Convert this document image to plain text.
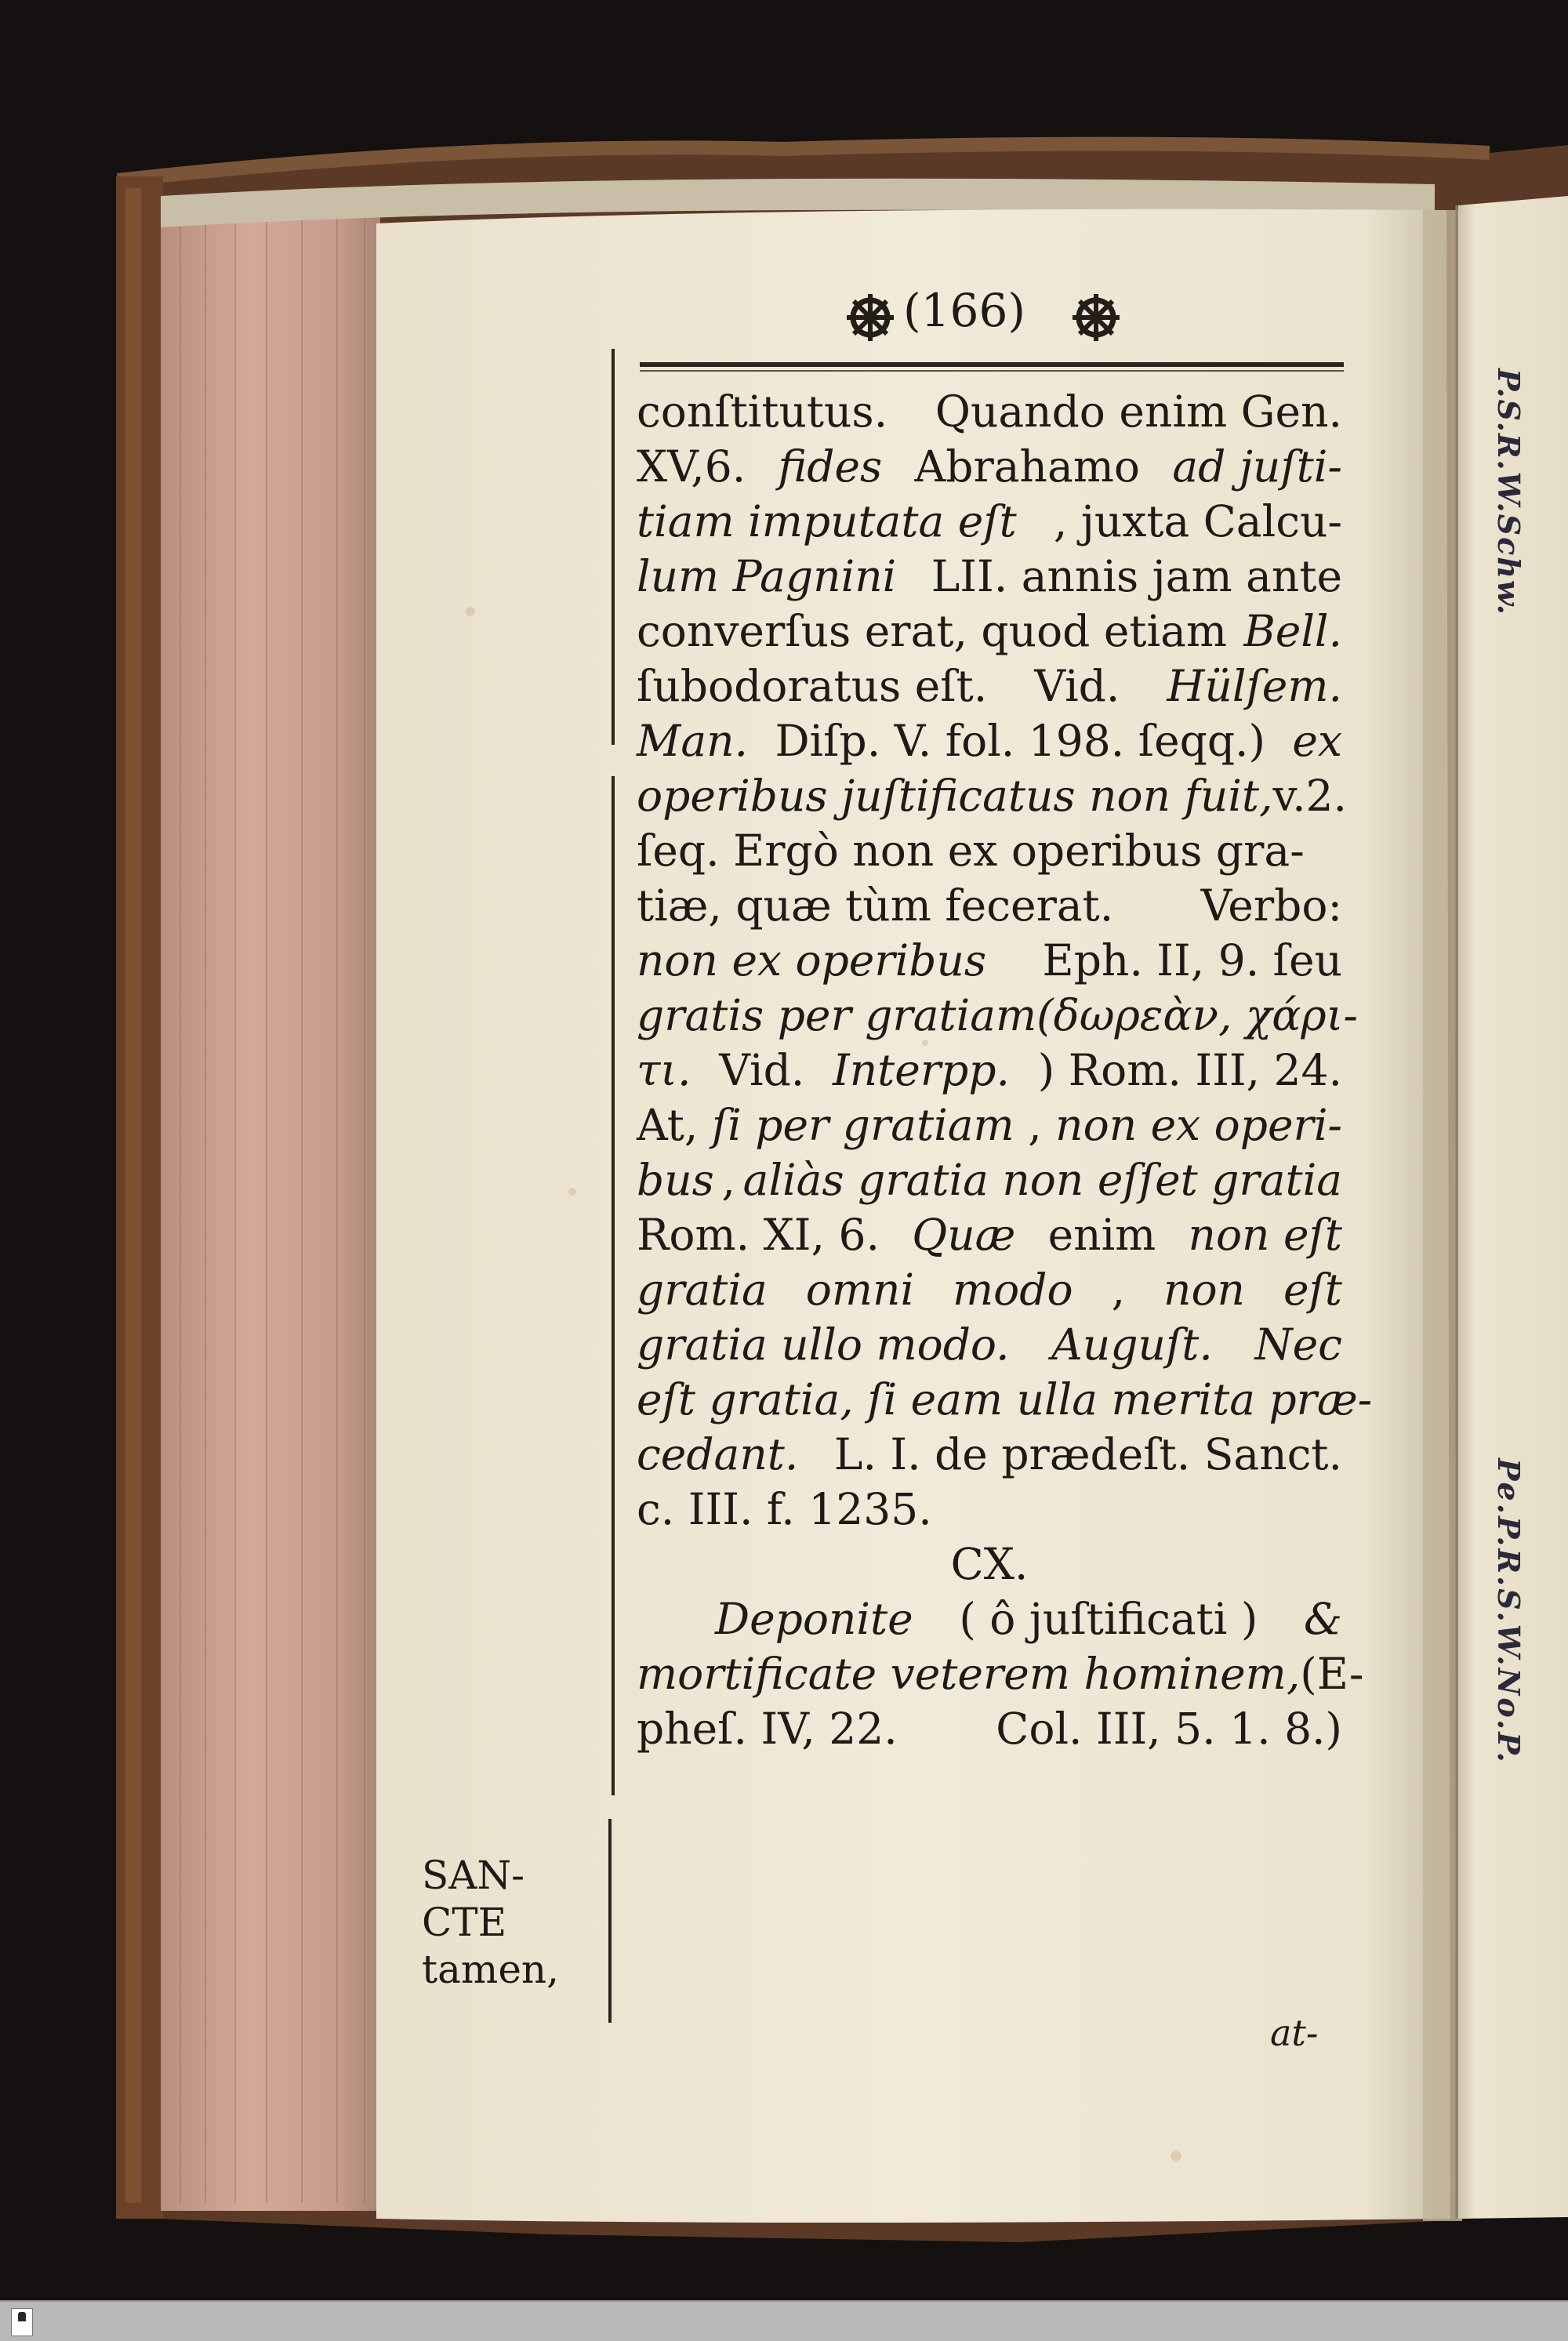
(166)
conſtitutus. Quando enim Gen.
XV,6. fides Abrahamo ad juſti-
tiam imputata eſt , juxta Calcu-
lum Pagnini LII. annis jam ante
converſus erat, quod etiam Bell.
ſubodoratus eſt. Vid. Hülſem.
Man. Diſp. V. fol. 198. ſeqq.) ex
operibus juſtificatus non fuit, v.2.
ſeq. Ergò non ex operibus gra-
tiæ, quæ tùm fecerat. Verbo:
non ex operibus Eph. II, 9. ſeu
gratis per gratiam (δωρεὰν, χάρι-
τι. Vid. Interpp. ) Rom. III, 24.
At, ſi per gratiam , non ex operi-
bus , aliàs gratia non eſſet gratia
Rom. XI, 6. Quæ enim non eſt
gratia omni modo , non eſt
gratia ullo modo. Auguſt. Nec
eſt gratia, ſi eam ulla merita præ-
cedant. L. I. de prædeſt. Sanct.
c. III. f. 1235.
CX.
Deponite ( ô juſtificati ) &
mortificate veterem hominem, (E-
pheſ. IV, 22. Col. III, 5. 1. 8.)
at-
SAN-
CTE
tamen,
P.S.R.W.Schw.
Pe.P.R.S.W.No.P.
